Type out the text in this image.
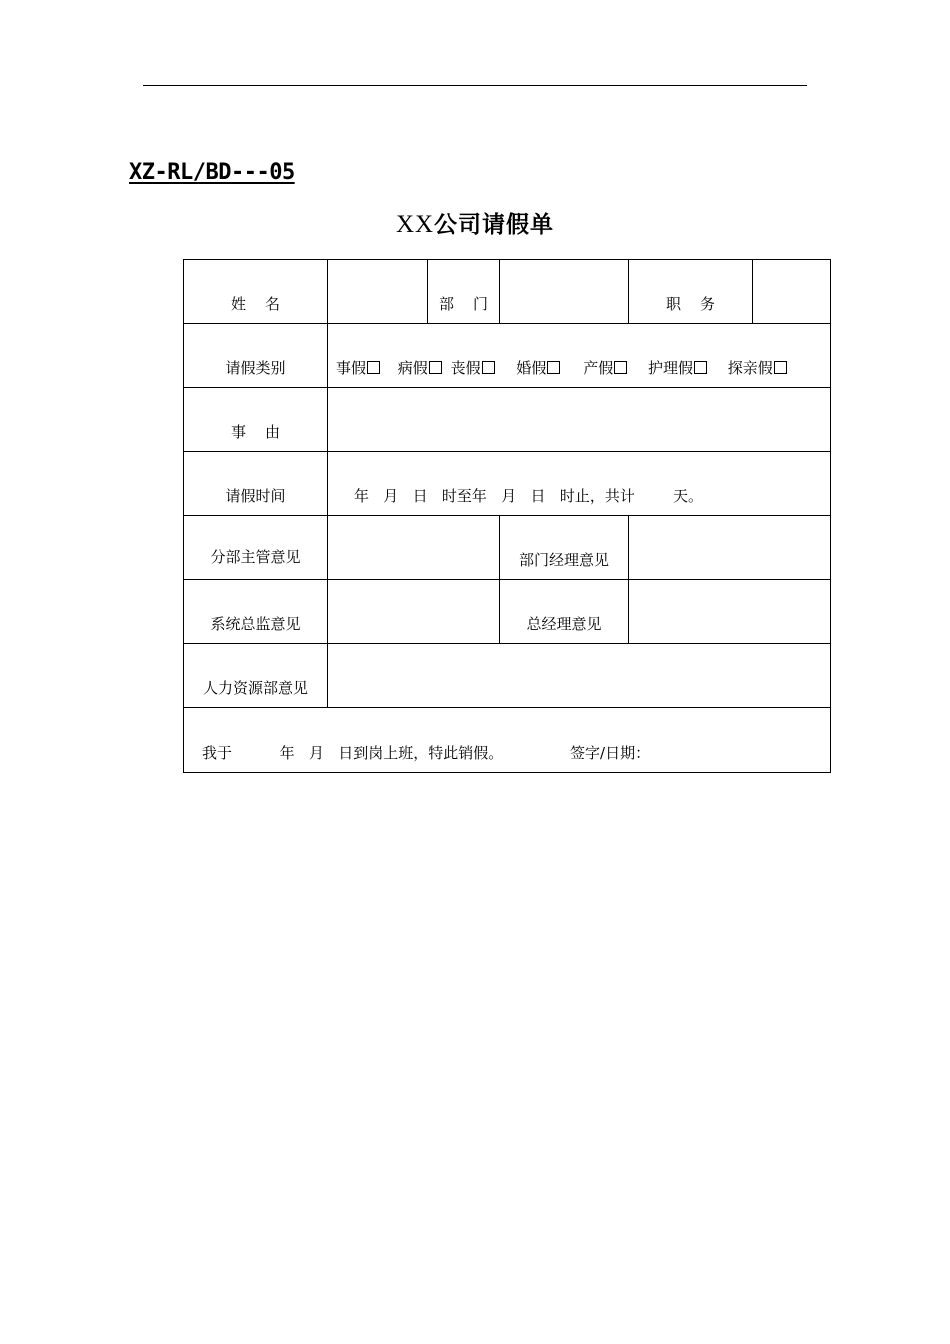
XZ-RL/BD---05
XX公司请假单
姓    名		部    门		职    务	
请假类别	事假 病假 丧假 婚假 产假 护理假 探亲假				
事    由					
请假时间	年   月   日   时至年   月   日   时止，共计        天。				
分部主管意见			部门经理意见		
系统总监意见			总经理意见		
人力资源部意见					
我于          年   月   日到岗上班，特此销假。              签字/日期：					
